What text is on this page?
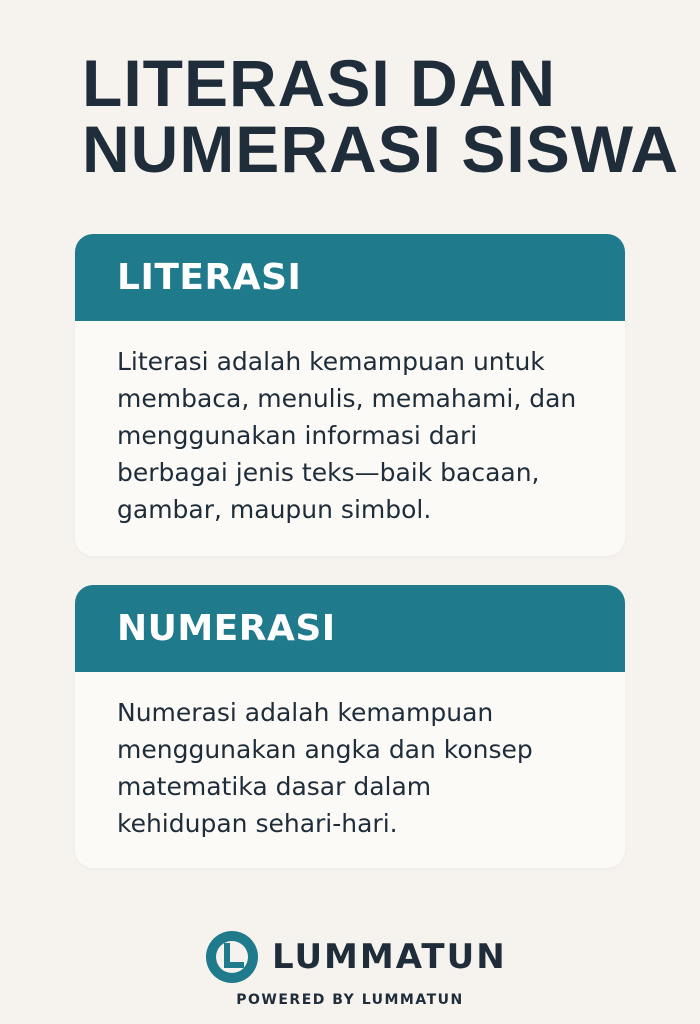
LITERASI DAN
NUMERASI SISWA
LITERASI
Literasi adalah kemampuan untuk
membaca, menulis, memahami, dan
menggunakan informasi dari
berbagai jenis teks—baik bacaan,
gambar, maupun simbol.
NUMERASI
Numerasi adalah kemampuan
menggunakan angka dan konsep
matematika dasar dalam
kehidupan sehari-hari.
LUMMATUN
POWERED BY LUMMATUN
